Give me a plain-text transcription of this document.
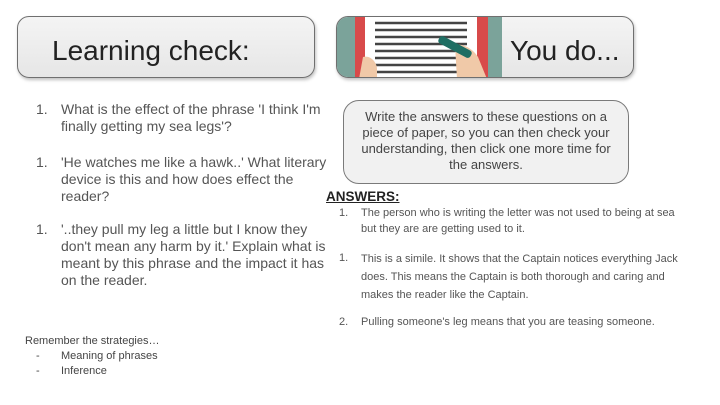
Learning check:	You do...
1. What is the effect of the phrase 'I think I'm
finally getting my sea legs'?
1. 'He watches me like a hawk..' What literary
device is this and how does effect the
reader?
1. '..they pull my leg a little but I know they
don't mean any harm by it.' Explain what is
meant by this phrase and the impact it has
on the reader.
Write the answers to these questions on a
piece of paper, so you can then check your
understanding, then click one more time for
the answers.
ANSWERS:
1. The person who is writing the letter was not used to being at sea
but they are are getting used to it.
1. This is a simile. It shows that the Captain notices everything Jack
does. This means the Captain is both thorough and caring and
makes the reader like the Captain.
2. Pulling someone's leg means that you are teasing someone.
Remember the strategies…
- Meaning of phrases
- Inference
